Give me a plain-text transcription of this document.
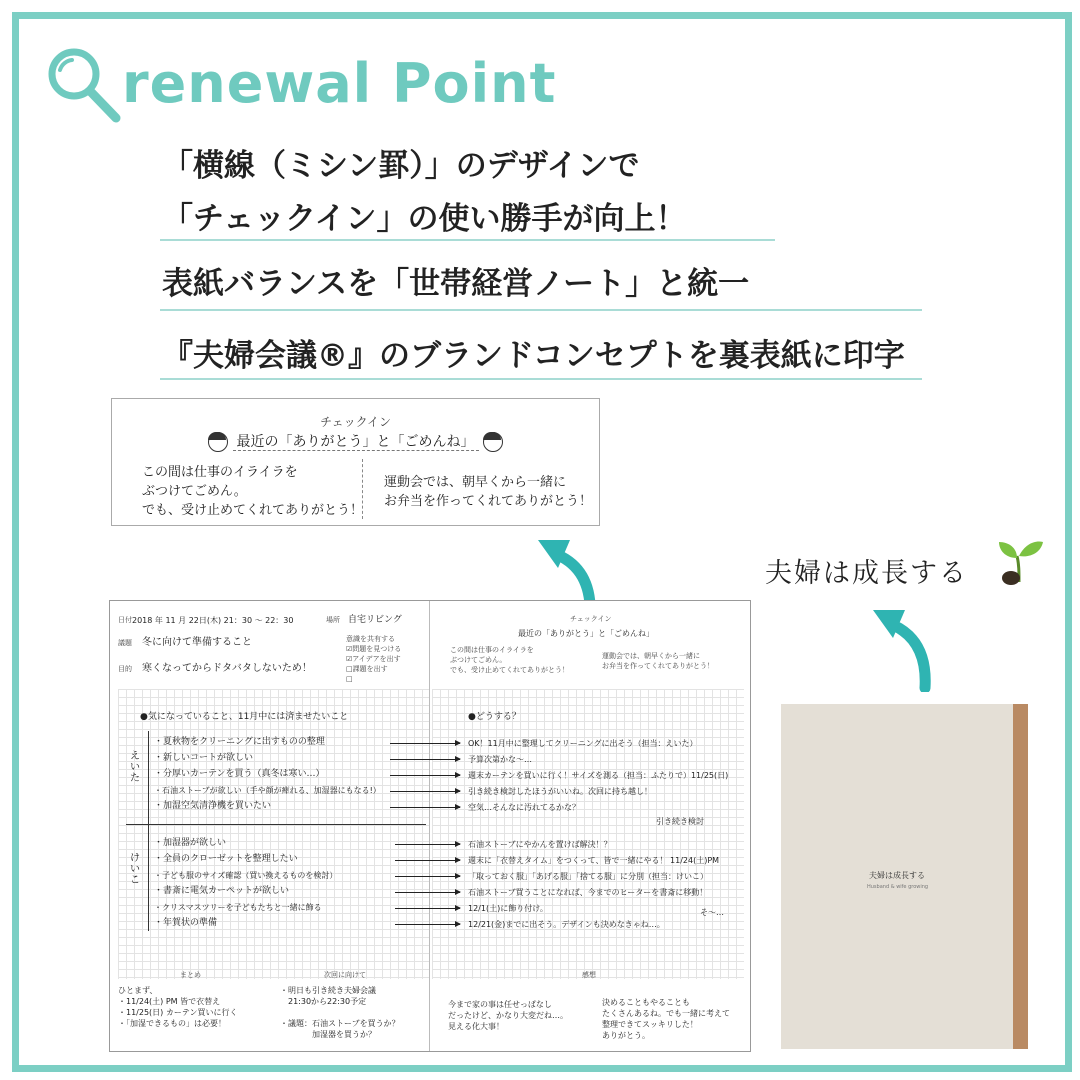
renewal Point
「横線（ミシン罫）」のデザインで
「チェックイン」の使い勝手が向上！
表紙バランスを「世帯経営ノート」と統一
『夫婦会議®』のブランドコンセプトを裏表紙に印字
チェックイン
最近の「ありがとう」と「ごめんね」
この間は仕事のイライラを
ぶつけてごめん。
でも、受け止めてくれてありがとう！
運動会では、朝早くから一緒に
お弁当を作ってくれてありがとう！
夫婦は成長する
日付 2018 年 11 月 22日(木) 21：30 〜 22：30	場所 自宅リビング
議題 冬に向けて準備すること
目的 寒くなってからドタバタしないため！
意識を共有する
☑問題を見つける
☑アイデアを出す
□課題を出す
□
チェックイン
最近の「ありがとう」と「ごめんね」
この間は仕事のイライラを
ぶつけてごめん。
でも、受け止めてくれてありがとう！
運動会では、朝早くから一緒に
お弁当を作ってくれてありがとう！
●気になっていること、11月中には済ませたいこと	●どうする？
えいた
けいこ
・夏秋物をクリーニングに出すものの整理
・新しいコートが欲しい
・分厚いカーテンを買う（真冬は寒い…）
・石油ストーブが欲しい（手や顔が痺れる、加湿器にもなる!）
・加湿空気清浄機を買いたい
OK！11月中に整理してクリーニングに出そう（担当：えいた）
予算次第かな〜…
週末カーテンを買いに行く！サイズを測る（担当：ふたりで）11/25(日)
引き続き検討したほうがいいね。次回に持ち越し！
空気…そんなに汚れてるかな？
引き続き検討
・加湿器が欲しい
・全員のクローゼットを整理したい
・子ども服のサイズ確認（買い換えるものを検討）
・書斎に電気カーペットが欲しい
・クリスマスツリーを子どもたちと一緒に飾る
・年賀状の準備
石油ストーブにやかんを置けば解決！？
週末に「衣替えタイム」をつくって、皆で一緒にやる！ 11/24(土)PM
「取っておく服」「あげる服」「捨てる服」に分別（担当：けいこ）
石油ストーブ買うことになれば、今までのヒーターを書斎に移動！
12/1(土)に飾り付け。
12/21(金)までに出そう。デザインも決めなきゃね…。
そ〜…
まとめ
ひとまず、
・11/24(土) PM 皆で衣替え
・11/25(日) カーテン買いに行く
・「加湿できるもの」は必要！
次回に向けて
・明日も引き続き夫婦会議
　21:30から22:30予定

・議題：石油ストーブを買うか？
　　　　加湿器を買うか？
感想
今まで家の事は任せっぱなし
だったけど、かなり大変だね…。
見える化大事！
決めることもやることも
たくさんあるね。でも一緒に考えて
整理できてスッキリした！
ありがとう。
夫婦は成長する
Husband & wife growing
